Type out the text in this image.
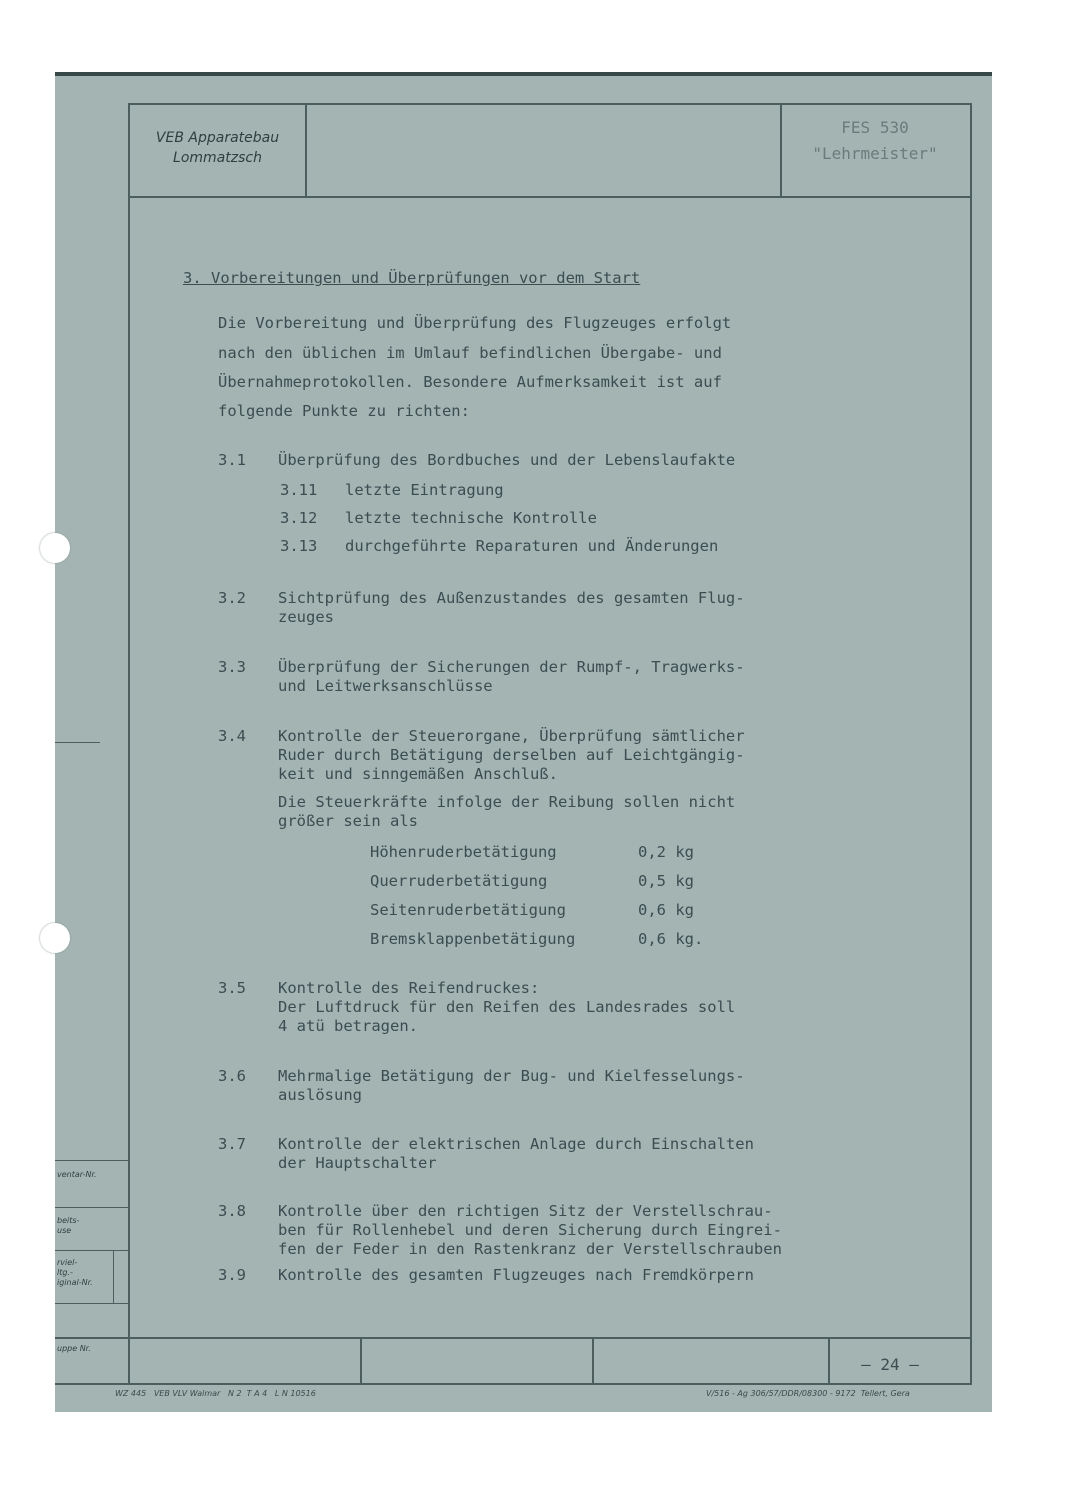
ventar-Nr.
beits-
use
rviel-
ltg.-
iginal-Nr.
uppe Nr.
VEB Apparatebau
Lommatzsch
FES 530
"Lehrmeister"
3. Vorbereitungen und Überprüfungen vor dem Start
Die Vorbereitung und Überprüfung des Flugzeuges erfolgt
nach den üblichen im Umlauf befindlichen Übergabe- und
Übernahmeprotokollen. Besondere Aufmerksamkeit ist auf
folgende Punkte zu richten:
3.1 Überprüfung des Bordbuches und der Lebenslaufakte
3.11 letzte Eintragung
3.12 letzte technische Kontrolle
3.13 durchgeführte Reparaturen und Änderungen
3.2 Sichtprüfung des Außenzustandes des gesamten Flug-
zeuges
3.3 Überprüfung der Sicherungen der Rumpf-, Tragwerks-
und Leitwerksanschlüsse
3.4 Kontrolle der Steuerorgane, Überprüfung sämtlicher
Ruder durch Betätigung derselben auf Leichtgängig-
keit und sinngemäßen Anschluß.
Die Steuerkräfte infolge der Reibung sollen nicht
größer sein als
Höhenruderbetätigung	0,2 kg
Querruderbetätigung	0,5 kg
Seitenruderbetätigung	0,6 kg
Bremsklappenbetätigung	0,6 kg.
3.5 Kontrolle des Reifendruckes:
Der Luftdruck für den Reifen des Landesrades soll
4 atü betragen.
3.6 Mehrmalige Betätigung der Bug- und Kielfesselungs-
auslösung
3.7 Kontrolle der elektrischen Anlage durch Einschalten
der Hauptschalter
3.8 Kontrolle über den richtigen Sitz der Verstellschrau-
ben für Rollenhebel und deren Sicherung durch Eingrei-
fen der Feder in den Rastenkranz der Verstellschrauben
3.9 Kontrolle des gesamten Flugzeuges nach Fremdkörpern
– 24 –
WZ 445   VEB VLV Walmar   N 2  T A 4   L N 10516	V/516 - Ag 306/57/DDR/08300 - 9172  Tellert, Gera
